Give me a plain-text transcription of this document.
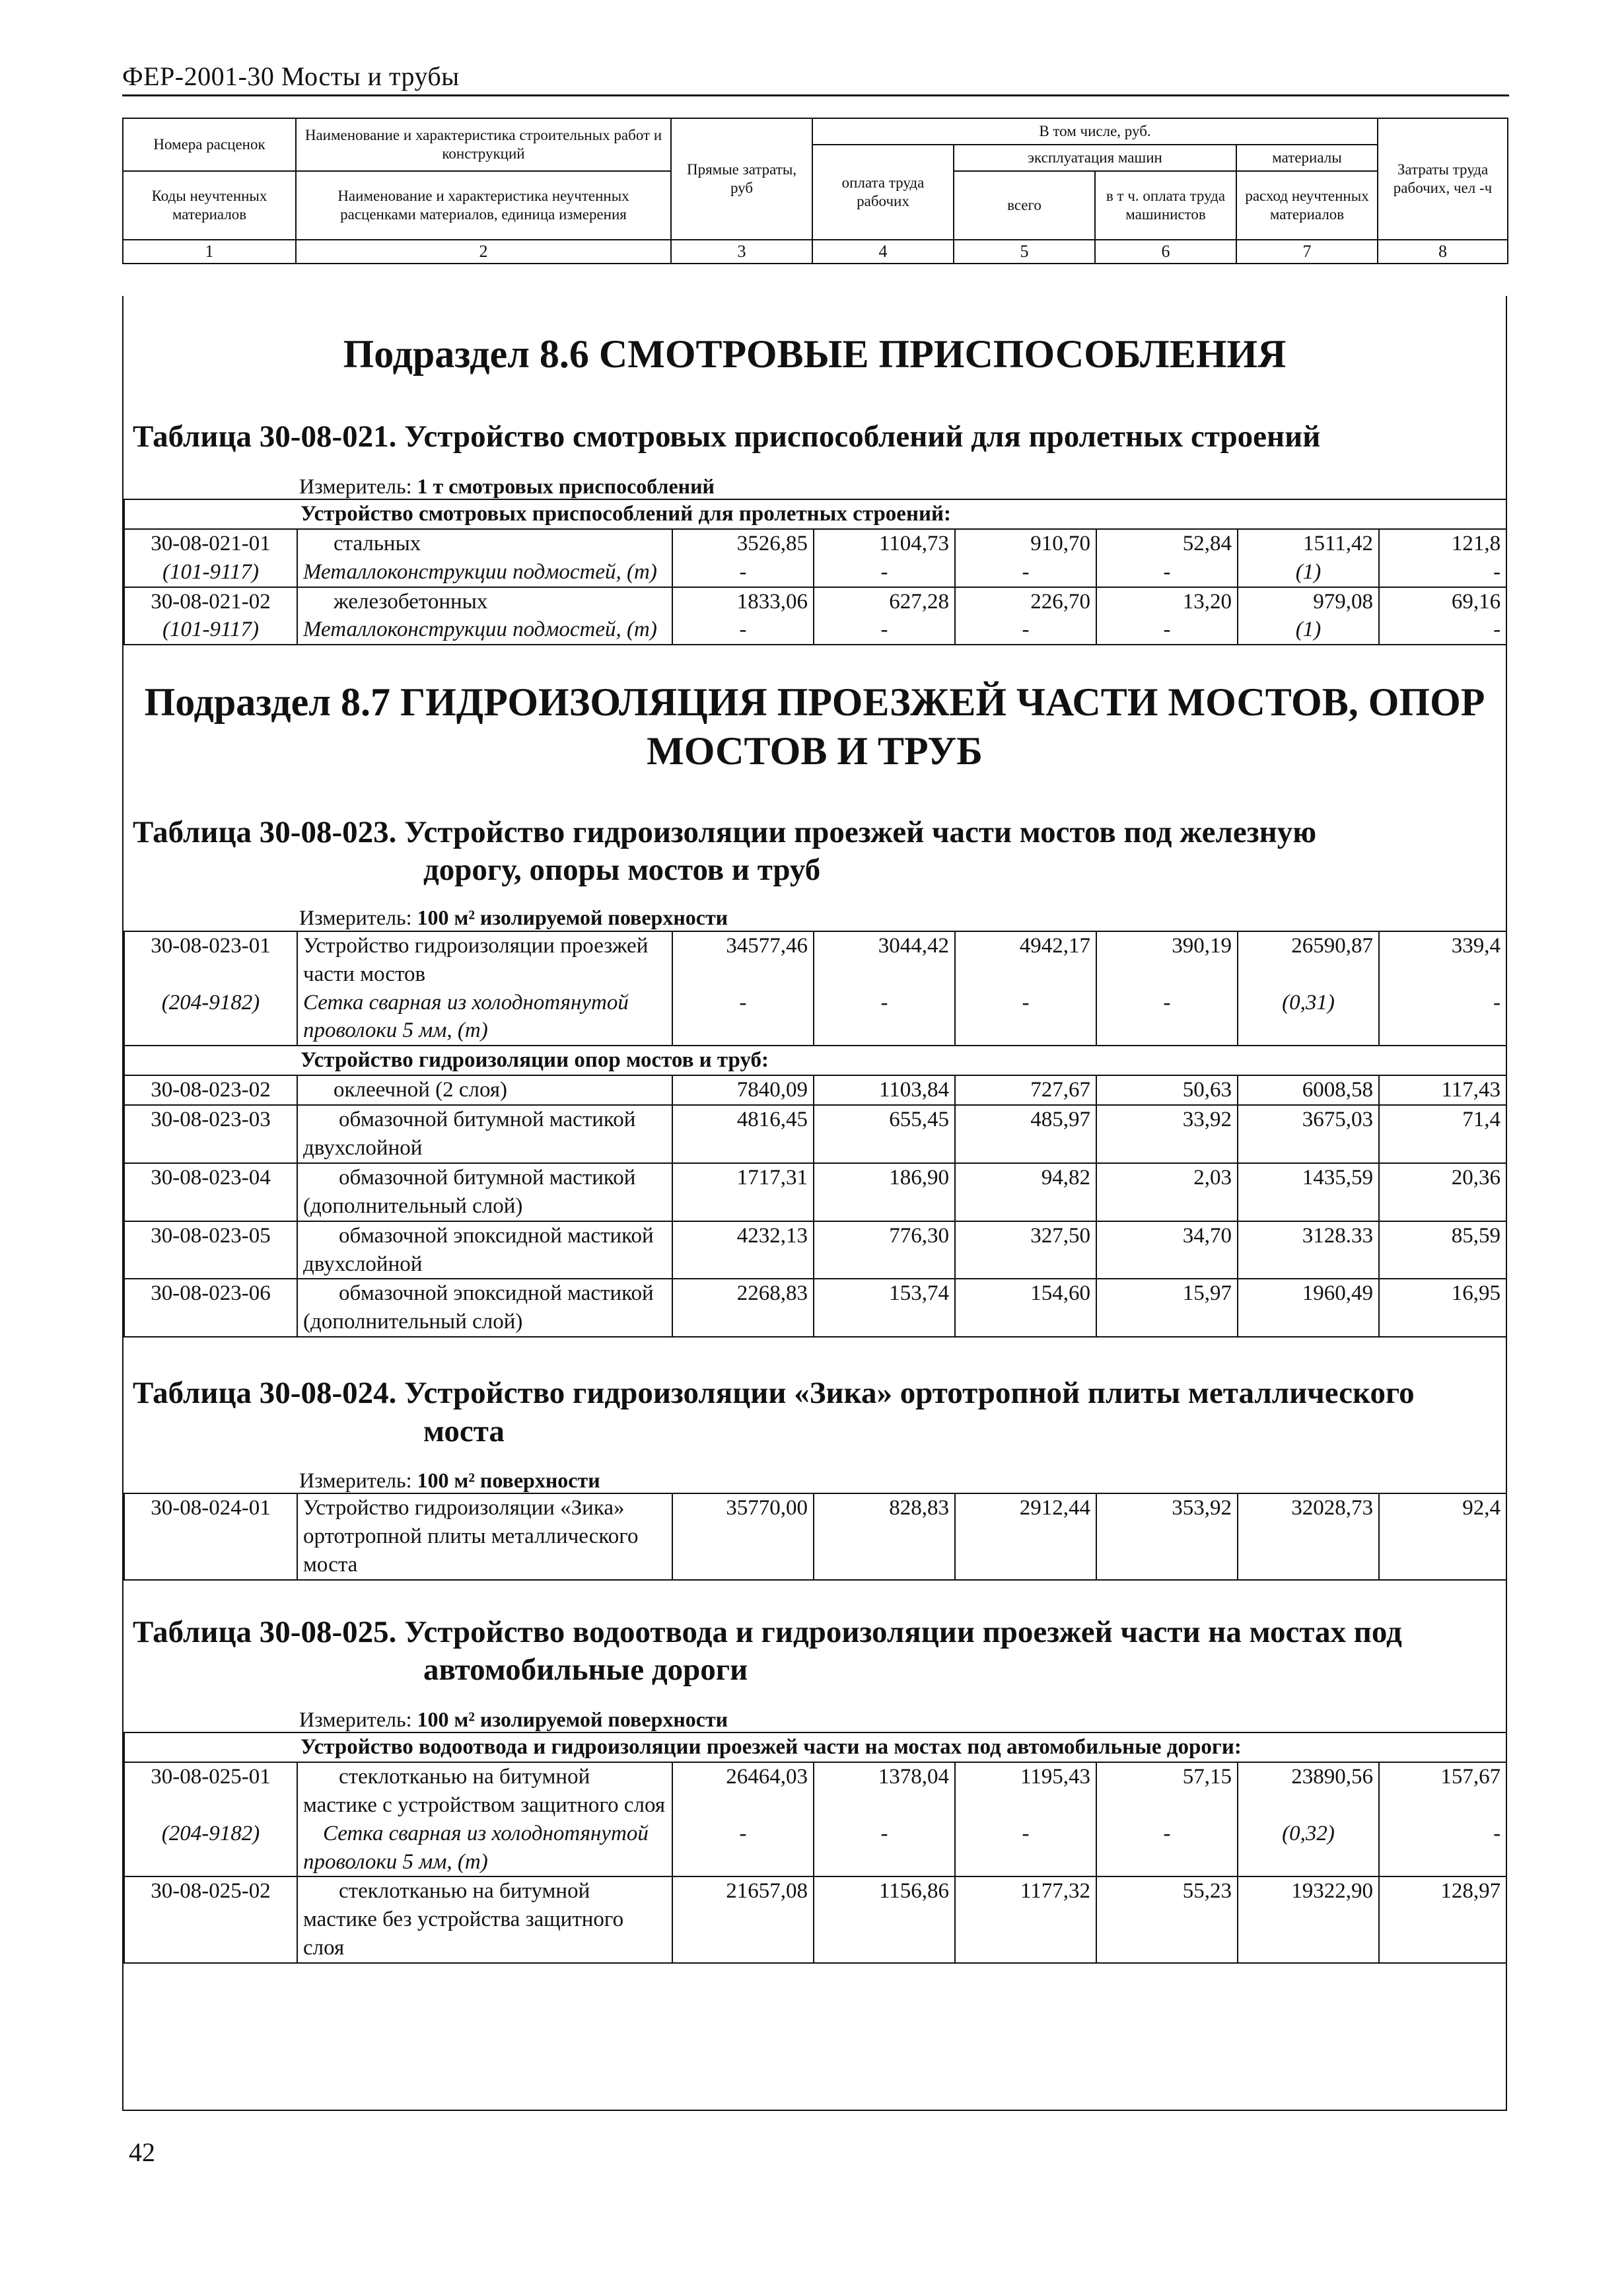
ФЕР-2001-30 Мосты и трубы
Номера расценок	Наименование и характеристика строительных работ и конструкций	Прямые затраты, руб	В том числе, руб.				Затраты труда рабочих, чел -ч
			оплата труда рабочих	эксплуатация машин		материалы	
Коды неучтенных материалов	Наименование и характеристика неучтенных расценками материалов, единица измерения			всего	в т ч. оплата труда машинистов	расход неучтенных материалов	

1	2	3	4	5	6	7	8

Подраздел 8.6 СМОТРОВЫЕ ПРИСПОСОБЛЕНИЯ

Таблица 30-08-021. Устройство смотровых приспособлений для пролетных строений

Измеритель: 1 т смотровых приспособлений

Устройство смотровых приспособлений для пролетных строений:							
30-08-021-01	стальных	3526,85	1104,73	910,70	52,84	1511,42	121,8
(101-9117)	Металлоконструкции подмостей, (т)	-	-	-	-	(1)	-
30-08-021-02	железобетонных	1833,06	627,28	226,70	13,20	979,08	69,16
(101-9117)	Металлоконструкции подмостей, (т)	-	-	-	-	(1)	-

Подраздел 8.7 ГИДРОИЗОЛЯЦИЯ ПРОЕЗЖЕЙ ЧАСТИ МОСТОВ, ОПОР

МОСТОВ И ТРУБ

Таблица 30-08-023. Устройство гидроизоляции проезжей части мостов под железную
дорогу, опоры мостов и труб

Измеритель: 100 м² изолируемой поверхности

30-08-023-01	Устройство гидроизоляции проезжей части мостов	34577,46	3044,42	4942,17	390,19	26590,87	339,4
(204-9182)	Сетка сварная из холоднотянутой проволоки 5 мм, (т)	-	-	-	-	(0,31)	-
Устройство гидроизоляции опор мостов и труб:							
30-08-023-02	оклеечной (2 слоя)	7840,09	1103,84	727,67	50,63	6008,58	117,43
30-08-023-03	обмазочной битумной мастикой двухслойной	4816,45	655,45	485,97	33,92	3675,03	71,4
30-08-023-04	обмазочной битумной мастикой (дополнительный слой)	1717,31	186,90	94,82	2,03	1435,59	20,36
30-08-023-05	обмазочной эпоксидной мастикой двухслойной	4232,13	776,30	327,50	34,70	3128.33	85,59
30-08-023-06	обмазочной эпоксидной мастикой (дополнительный слой)	2268,83	153,74	154,60	15,97	1960,49	16,95

Таблица 30-08-024. Устройство гидроизоляции «Зика» ортотропной плиты металлического
моста

Измеритель: 100 м² поверхности

30-08-024-01	Устройство гидроизоляции «Зика» ортотропной плиты металлического моста	35770,00	828,83	2912,44	353,92	32028,73	92,4

Таблица 30-08-025. Устройство водоотвода и гидроизоляции проезжей части на мостах под
автомобильные дороги

Измеритель: 100 м² изолируемой поверхности

Устройство водоотвода и гидроизоляции проезжей части на мостах под автомобильные дороги:							
30-08-025-01	стеклотканью на битумной мастике с устройством защитного слоя	26464,03	1378,04	1195,43	57,15	23890,56	157,67
(204-9182)	Сетка сварная из холоднотянутой проволоки 5 мм, (т)	-	-	-	-	(0,32)	-
30-08-025-02	стеклотканью на битумной мастике без устройства защитного слоя	21657,08	1156,86	1177,32	55,23	19322,90	128,97
42
